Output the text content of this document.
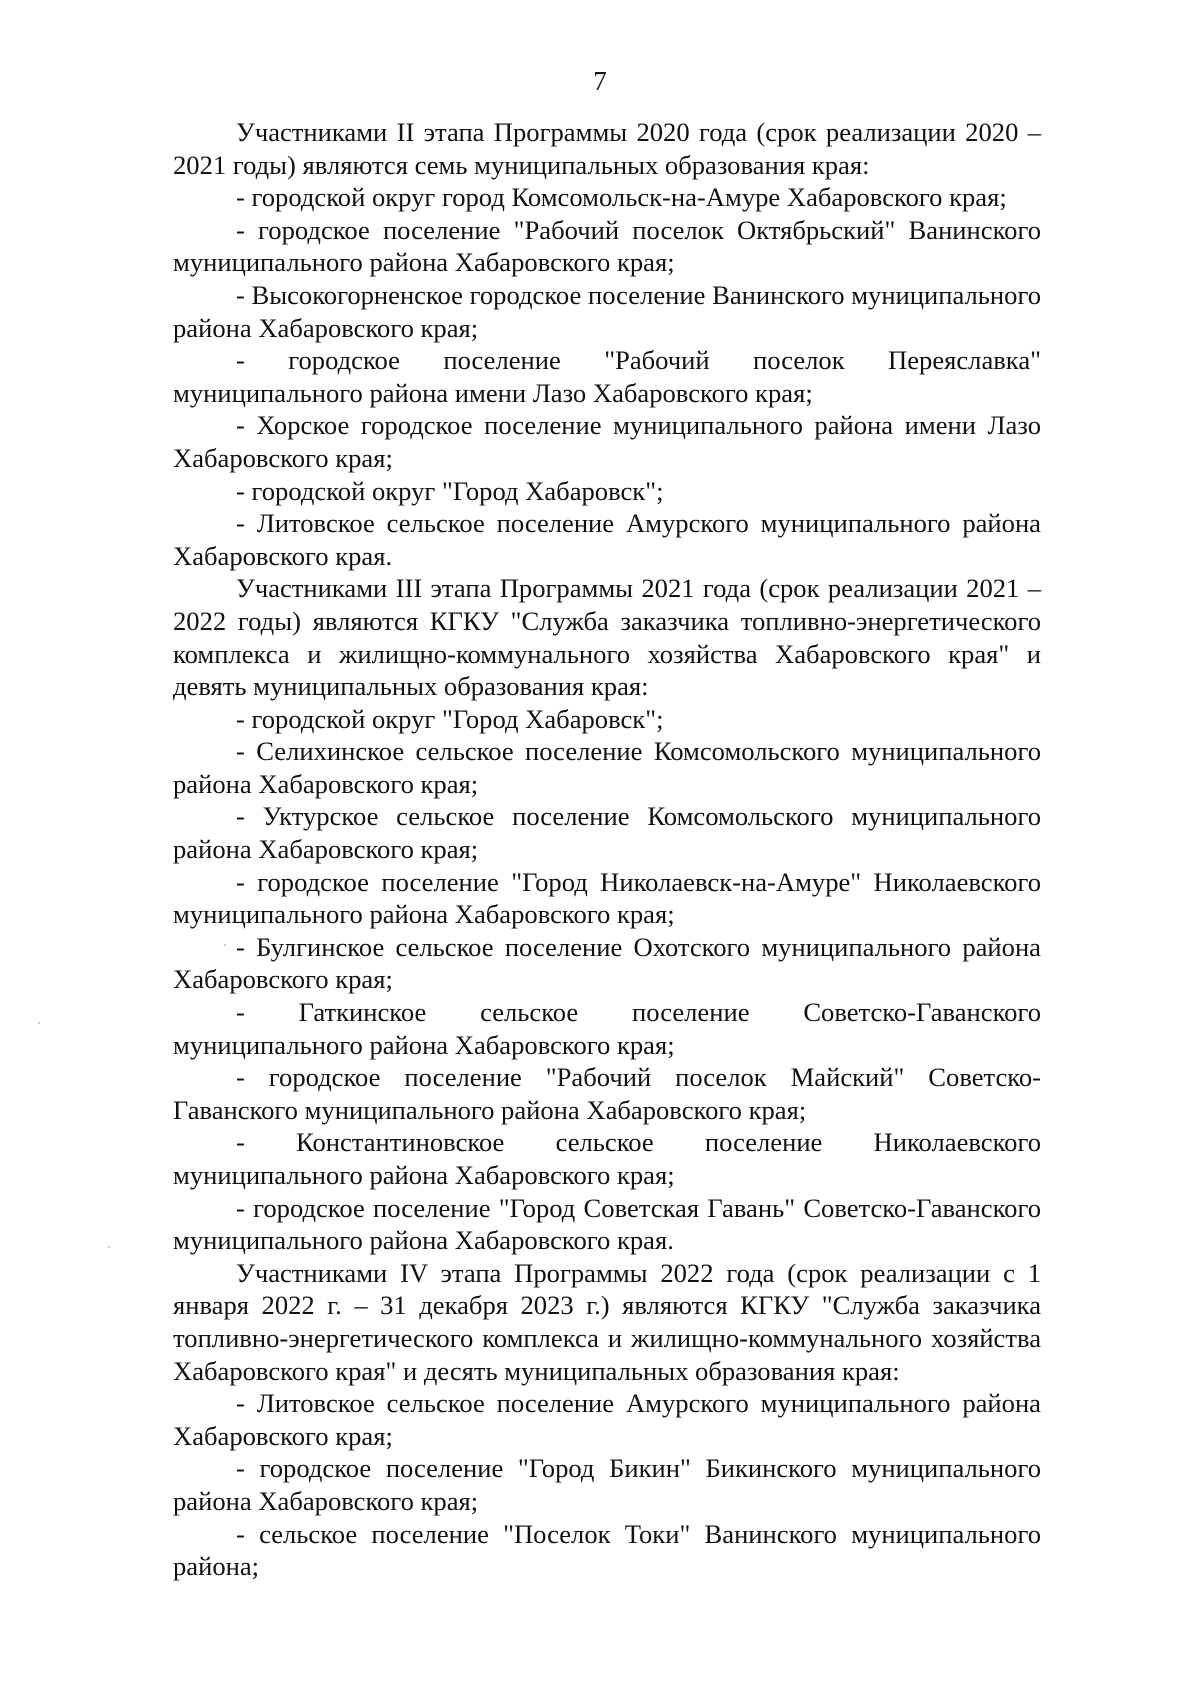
7

Участниками II этапа Программы 2020 года (срок реализации 2020 – 2021 годы) являются семь муниципальных образования края:

- городской округ город Комсомольск-на-Амуре Хабаровского края;

- городское поселение "Рабочий поселок Октябрьский" Ванинского муниципального района Хабаровского края;

- Высокогорненское городское поселение Ванинского муниципального района Хабаровского края;

- городское поселение "Рабочий поселок Переяславка" муниципального района имени Лазо Хабаровского края;

- Хорское городское поселение муниципального района имени Лазо Хабаровского края;

- городской округ "Город Хабаровск";

- Литовское сельское поселение Амурского муниципального района Хабаровского края.

Участниками III этапа Программы 2021 года (срок реализации 2021 – 2022 годы) являются КГКУ "Служба заказчика топливно-энергетического комплекса и жилищно-коммунального хозяйства Хабаровского края" и девять муниципальных образования края:

- городской округ "Город Хабаровск";

- Селихинское сельское поселение Комсомольского муниципального района Хабаровского края;

- Уктурское сельское поселение Комсомольского муниципального района Хабаровского края;

- городское поселение "Город Николаевск-на-Амуре" Николаевского муниципального района Хабаровского края;

- Булгинское сельское поселение Охотского муниципального района Хабаровского края;

- Гаткинское сельское поселение Советско-Гаванского муниципального района Хабаровского края;

- городское поселение "Рабочий поселок Майский" Советско-Гаванского муниципального района Хабаровского края;

- Константиновское сельское поселение Николаевского муниципального района Хабаровского края;

- городское поселение "Город Советская Гавань" Советско-Гаванского муниципального района Хабаровского края.

Участниками IV этапа Программы 2022 года (срок реализации с 1 января 2022 г. – 31 декабря 2023 г.) являются КГКУ "Служба заказчика топливно-энергетического комплекса и жилищно-коммунального хозяйства Хабаровского края" и десять муниципальных образования края:

- Литовское сельское поселение Амурского муниципального района Хабаровского края;

- городское поселение "Город Бикин" Бикинского муниципального района Хабаровского края;

- сельское поселение "Поселок Токи" Ванинского муниципального района;
